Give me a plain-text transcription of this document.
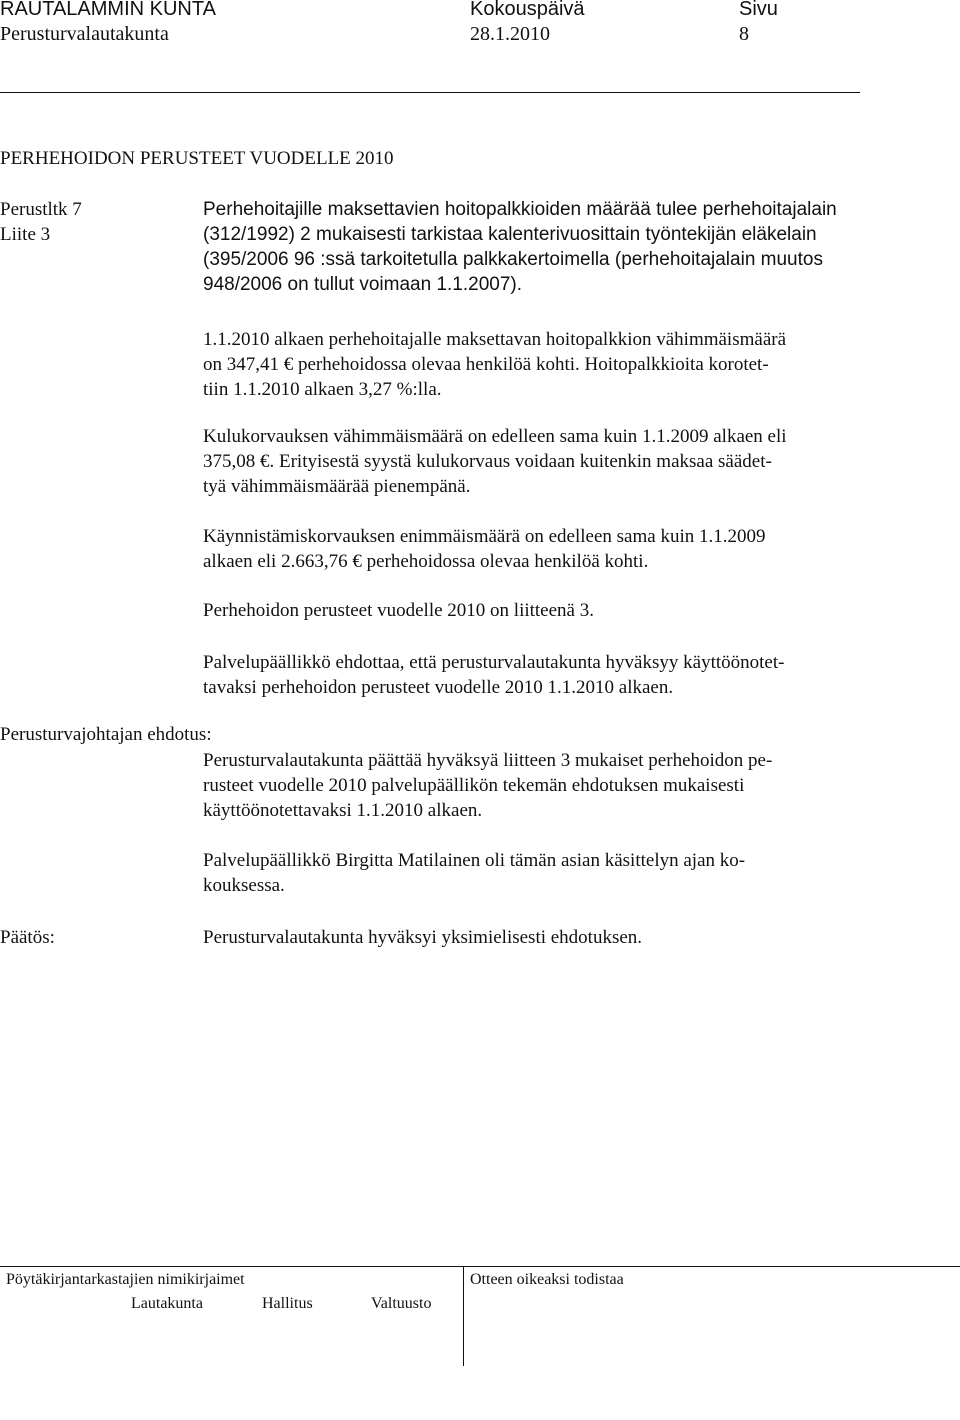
RAUTALAMMIN KUNTA
Perusturvalautakunta
Kokouspäivä
28.1.2010
Sivu
8
PERHEHOIDON PERUSTEET VUODELLE 2010
Perustltk 7
Liite 3
Perhehoitajille maksettavien hoitopalkkioiden määrää tulee perhehoitajalain
(312/1992) 2 mukaisesti tarkistaa kalenterivuosittain työntekijän eläkelain
(395/2006 96 :ssä tarkoitetulla palkkakertoimella (perhehoitajalain muutos
948/2006 on tullut voimaan 1.1.2007).
1.1.2010 alkaen perhehoitajalle maksettavan hoitopalkkion vähimmäismäärä
on 347,41 € perhehoidossa olevaa henkilöä kohti. Hoitopalkkioita korotet-
tiin 1.1.2010 alkaen 3,27 %:lla.
Kulukorvauksen vähimmäismäärä on edelleen sama kuin 1.1.2009 alkaen eli
375,08 €. Erityisestä syystä kulukorvaus voidaan kuitenkin maksaa säädet-
tyä vähimmäismäärää pienempänä.
Käynnistämiskorvauksen enimmäismäärä on edelleen sama kuin 1.1.2009
alkaen eli 2.663,76 € perhehoidossa olevaa henkilöä kohti.
Perhehoidon perusteet vuodelle 2010 on liitteenä 3.
Palvelupäällikkö ehdottaa, että perusturvalautakunta hyväksyy käyttöönotet-
tavaksi perhehoidon perusteet vuodelle 2010 1.1.2010 alkaen.
Perusturvajohtajan ehdotus:
Perusturvalautakunta päättää hyväksyä liitteen 3 mukaiset perhehoidon pe-
rusteet vuodelle 2010 palvelupäällikön tekemän ehdotuksen mukaisesti
käyttöönotettavaksi 1.1.2010 alkaen.
Palvelupäällikkö Birgitta Matilainen oli tämän asian käsittelyn ajan ko-
kouksessa.
Päätös:	Perusturvalautakunta hyväksyi yksimielisesti ehdotuksen.
Pöytäkirjantarkastajien nimikirjaimet	Otteen oikeaksi todistaa
Lautakunta	Hallitus	Valtuusto
